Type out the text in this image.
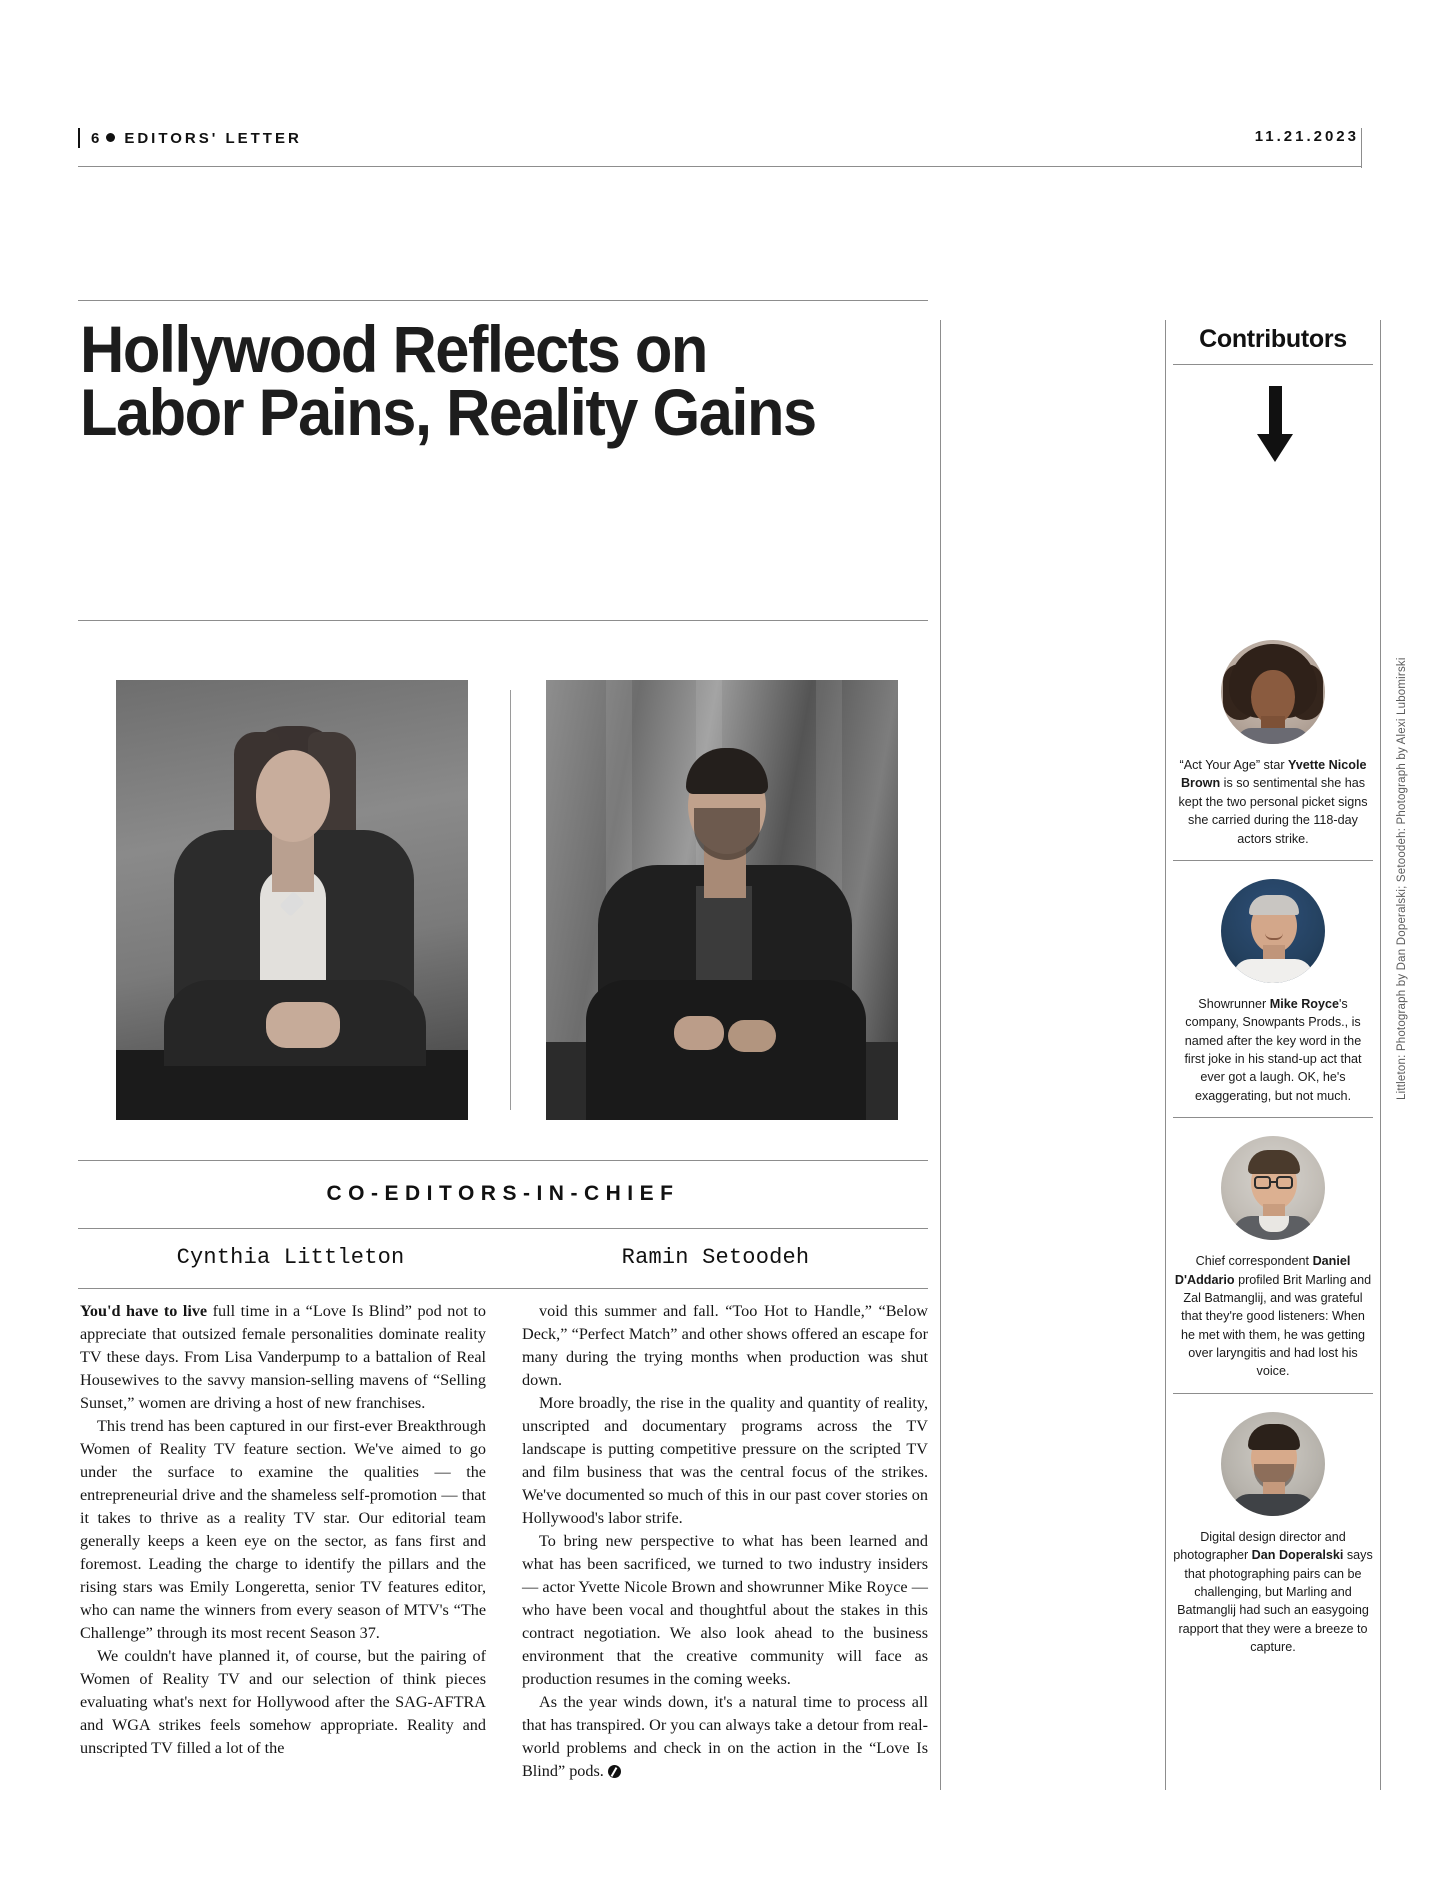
6 EDITORS' LETTER	11.21.2023
Hollywood Reflects on
Labor Pains, Reality Gains
CO-EDITORS-IN-CHIEF
Cynthia Littleton	Ramin Setoodeh

You'd have to live full time in a “Love Is Blind” pod not to appreciate that outsized female personalities dominate reality TV these days. From Lisa Vanderpump to a battalion of Real Housewives to the savvy mansion-selling mavens of “Selling Sunset,” women are driving a host of new franchises.

This trend has been captured in our first-ever Breakthrough Women of Reality TV feature section. We've aimed to go under the surface to examine the qualities — the entrepreneurial drive and the shameless self-promotion — that it takes to thrive as a reality TV star. Our editorial team generally keeps a keen eye on the sector, as fans first and foremost. Leading the charge to identify the pillars and the rising stars was Emily Longeretta, senior TV features editor, who can name the winners from every season of MTV's “The Challenge” through its most recent Season 37.

We couldn't have planned it, of course, but the pairing of Women of Reality TV and our selection of think pieces evaluating what's next for Hollywood after the SAG-AFTRA and WGA strikes feels somehow appropriate. Reality and unscripted TV filled a lot of the

void this summer and fall. “Too Hot to Handle,” “Below Deck,” “Perfect Match” and other shows offered an escape for many during the trying months when production was shut down.

More broadly, the rise in the quality and quantity of reality, unscripted and documentary programs across the TV landscape is putting competitive pressure on the scripted TV and film business that was the central focus of the strikes. We've documented so much of this in our past cover stories on Hollywood's labor strife.

To bring new perspective to what has been learned and what has been sacrificed, we turned to two industry insiders — actor Yvette Nicole Brown and showrunner Mike Royce — who have been vocal and thoughtful about the stakes in this contract negotiation. We also look ahead to the business environment that the creative community will face as production resumes in the coming weeks.

As the year winds down, it's a natural time to process all that has transpired. Or you can always take a detour from real-world problems and check in on the action in the “Love Is Blind” pods.

Contributors
“Act Your Age” star Yvette Nicole Brown is so sentimental she has kept the two personal picket signs she carried during the 118-day actors strike.
Showrunner Mike Royce's company, Snowpants Prods., is named after the key word in the first joke in his stand-up act that ever got a laugh. OK, he's exaggerating, but not much.
Chief correspondent Daniel D'Addario profiled Brit Marling and Zal Batmanglij, and was grateful that they're good listeners: When he met with them, he was getting over laryngitis and had lost his voice.
Digital design director and photographer Dan Doperalski says that photographing pairs can be challenging, but Marling and Batmanglij had such an easygoing rapport that they were a breeze to capture.
Littleton: Photograph by Dan Doperalski; Setoodeh: Photograph by Alexi Lubomirski
